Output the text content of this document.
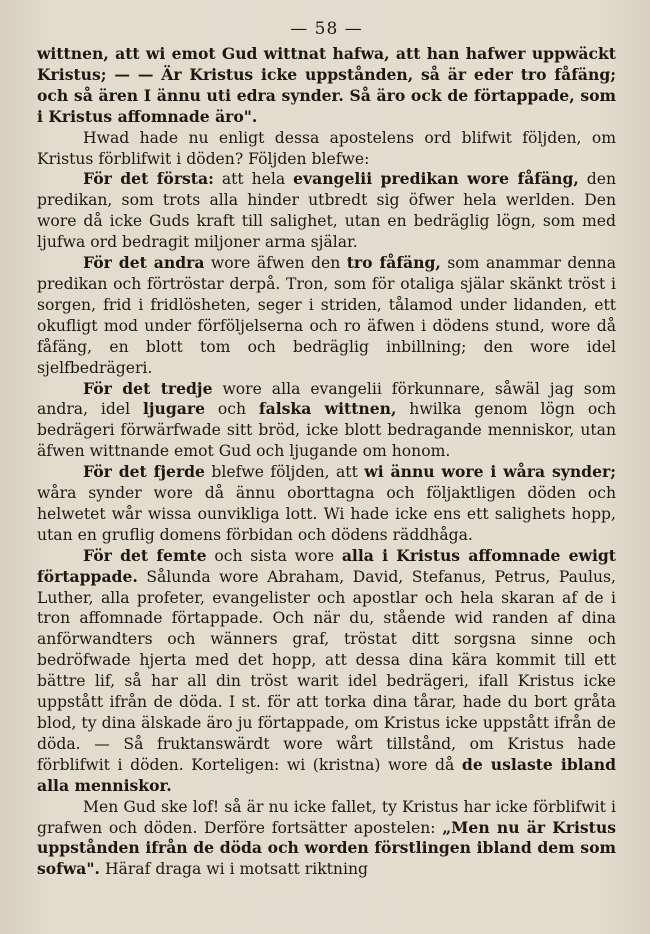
— 58 —

wittnen, att wi emot Gud wittnat hafwa, att han hafwer uppwäckt Kristus; — — Är Kristus icke uppstånden, så är eder tro fåfäng; och så ären I ännu uti edra synder. Så äro ock de förtappade, som i Kristus affomnade äro".

Hwad hade nu enligt dessa apostelens ord blifwit följden, om Kristus förblifwit i döden? Följden blefwe:

För det första: att hela evangelii predikan wore fåfäng, den predikan, som trots alla hinder utbredt sig öfwer hela werlden. Den wore då icke Guds kraft till salighet, utan en bedräglig lögn, som med ljufwa ord bedragit miljoner arma själar.

För det andra wore äfwen den tro fåfäng, som anammar denna predikan och förtröstar derpå. Tron, som för otaliga själar skänkt tröst i sorgen, frid i fridlösheten, seger i striden, tålamod under lidanden, ett okufligt mod under förföljelserna och ro äfwen i dödens stund, wore då fåfäng, en blott tom och bedräglig inbillning; den wore idel sjelfbedrägeri.

För det tredje wore alla evangelii förkunnare, såwäl jag som andra, idel ljugare och falska wittnen, hwilka genom lögn och bedrägeri förwärfwade sitt bröd, icke blott bedragande menniskor, utan äfwen wittnande emot Gud och ljugande om honom.

För det fjerde blefwe följden, att wi ännu wore i wåra synder; wåra synder wore då ännu oborttagna och följaktligen döden och helwetet wår wissa ounvikliga lott. Wi hade icke ens ett salighets hopp, utan en gruflig domens förbidan och dödens räddhåga.

För det femte och sista wore alla i Kristus affomnade ewigt förtappade. Sålunda wore Abraham, David, Stefanus, Petrus, Paulus, Luther, alla profeter, evangelister och apostlar och hela skaran af de i tron affomnade förtappade. Och när du, stående wid randen af dina anförwandters och wänners graf, tröstat ditt sorgsna sinne och bedröfwade hjerta med det hopp, att dessa dina kära kommit till ett bättre lif, så har all din tröst warit idel bedrägeri, ifall Kristus icke uppstått ifrån de döda. I st. för att torka dina tårar, hade du bort gråta blod, ty dina älskade äro ju förtappade, om Kristus icke uppstått ifrån de döda. — Så fruktanswärdt wore wårt tillstånd, om Kristus hade förblifwit i döden. Korteligen: wi (kristna) wore då de uslaste ibland alla menniskor.

Men Gud ske lof! så är nu icke fallet, ty Kristus har icke förblifwit i grafwen och döden. Derföre fortsätter apostelen: „Men nu är Kristus uppstånden ifrån de döda och worden förstlingen ibland dem som sofwa". Häraf draga wi i motsatt riktning
